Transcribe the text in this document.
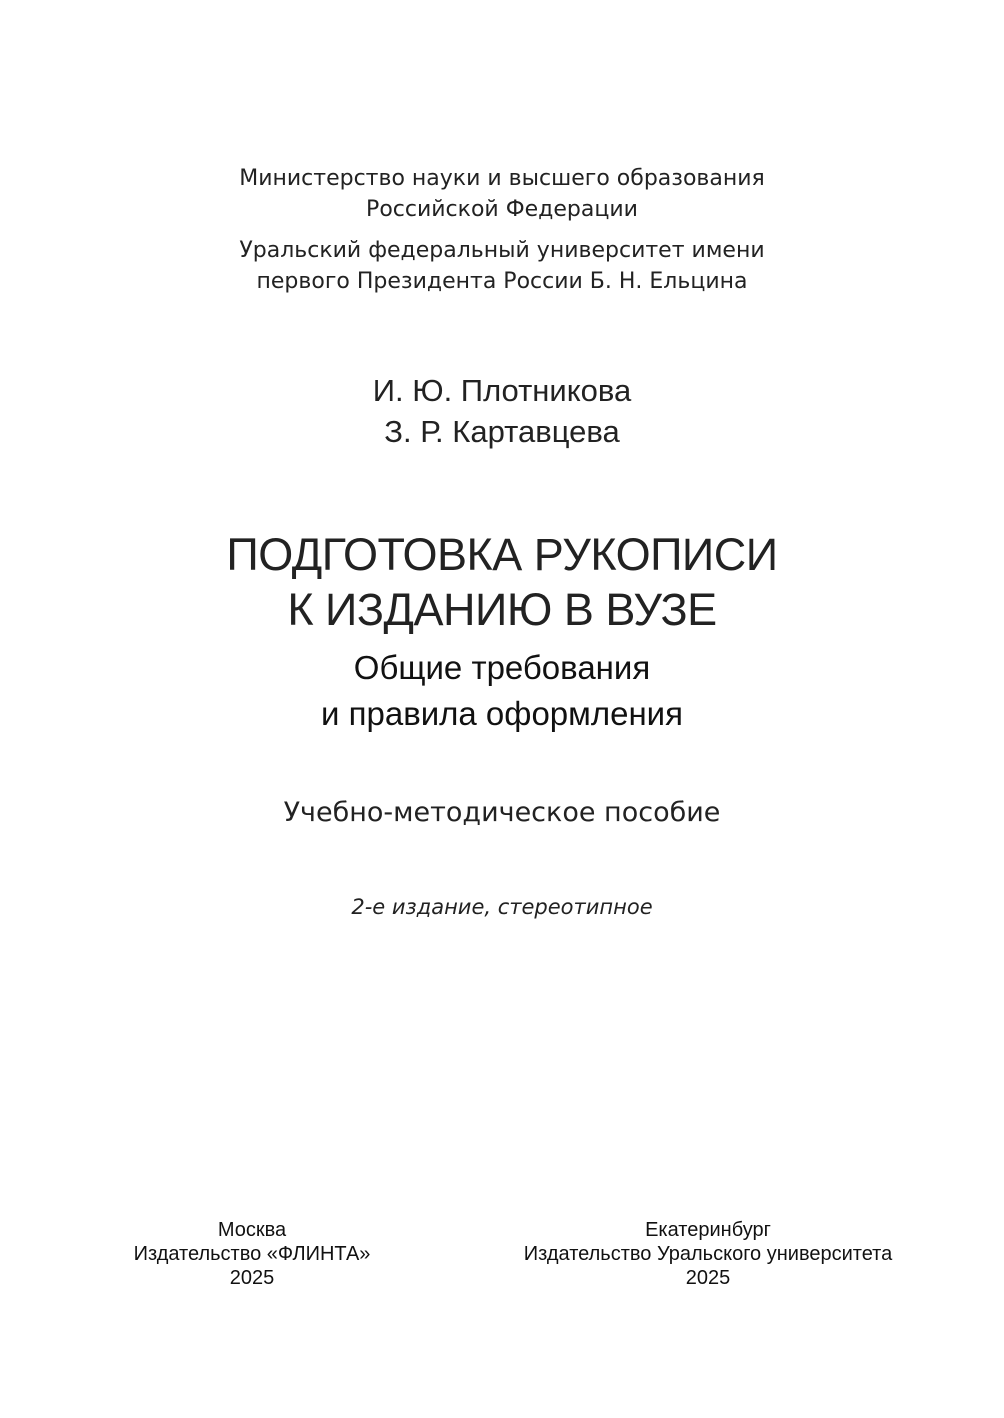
Министерство науки и высшего образования
Российской Федерации
Уральский федеральный университет имени
первого Президента России Б. Н. Ельцина
И. Ю. Плотникова
З. Р. Картавцева
ПОДГОТОВКА РУКОПИСИ
К ИЗДАНИЮ В ВУЗЕ
Общие требования
и правила оформления
Учебно-методическое пособие
2-е издание, стереотипное
Москва
Издательство «ФЛИНТА»
2025
Екатеринбург
Издательство Уральского университета
2025
